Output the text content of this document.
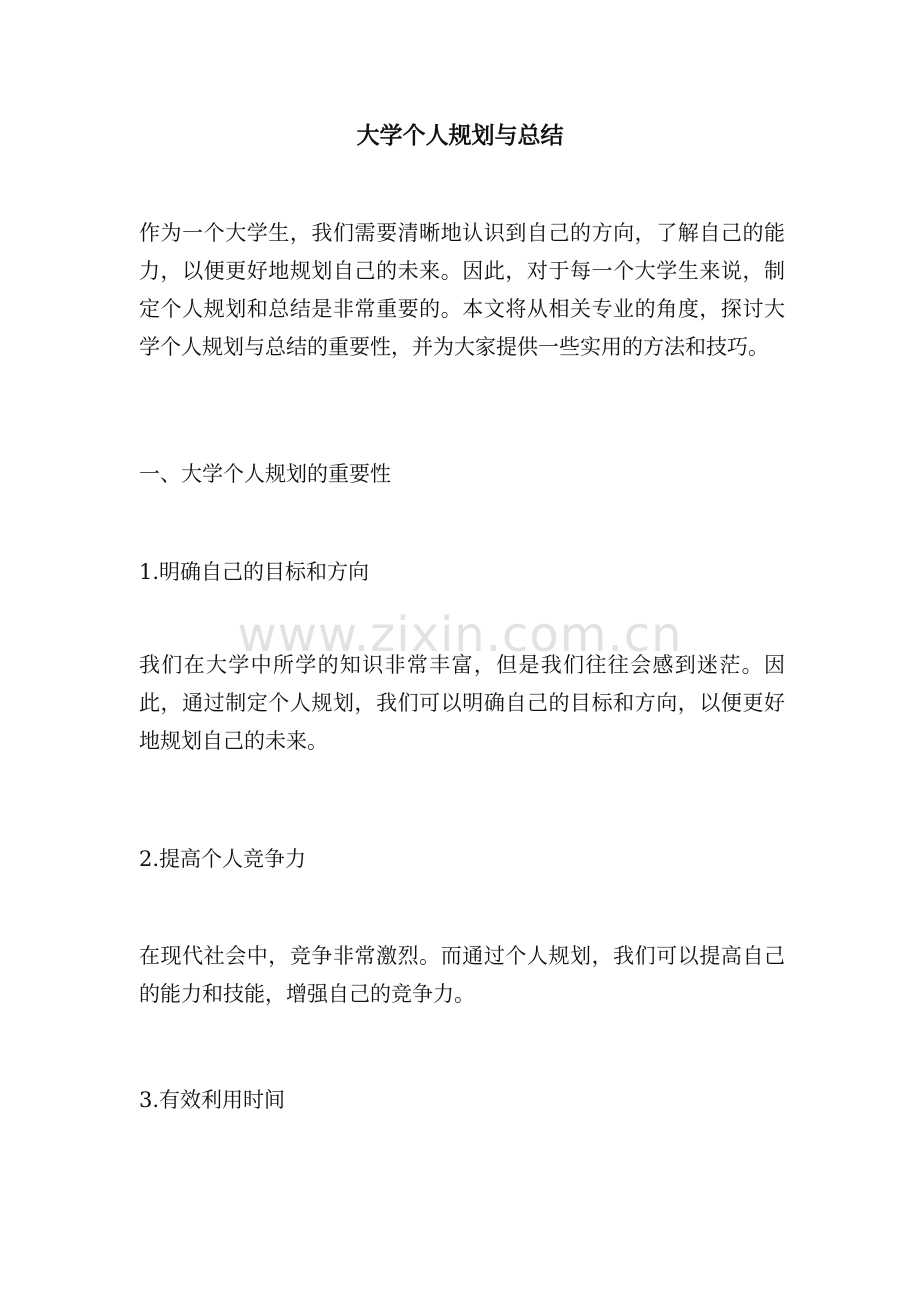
大学个人规划与总结

作为一个大学生，我们需要清晰地认识到自己的方向，了解自己的能力，以便更好地规划自己的未来。因此，对于每一个大学生来说，制定个人规划和总结是非常重要的。本文将从相关专业的角度，探讨大学个人规划与总结的重要性，并为大家提供一些实用的方法和技巧。

一、大学个人规划的重要性

1.明确自己的目标和方向

我们在大学中所学的知识非常丰富，但是我们往往会感到迷茫。因此，通过制定个人规划，我们可以明确自己的目标和方向，以便更好地规划自己的未来。

2.提高个人竞争力

在现代社会中，竞争非常激烈。而通过个人规划，我们可以提高自己的能力和技能，增强自己的竞争力。

3.有效利用时间

www.zixin.com.cn
